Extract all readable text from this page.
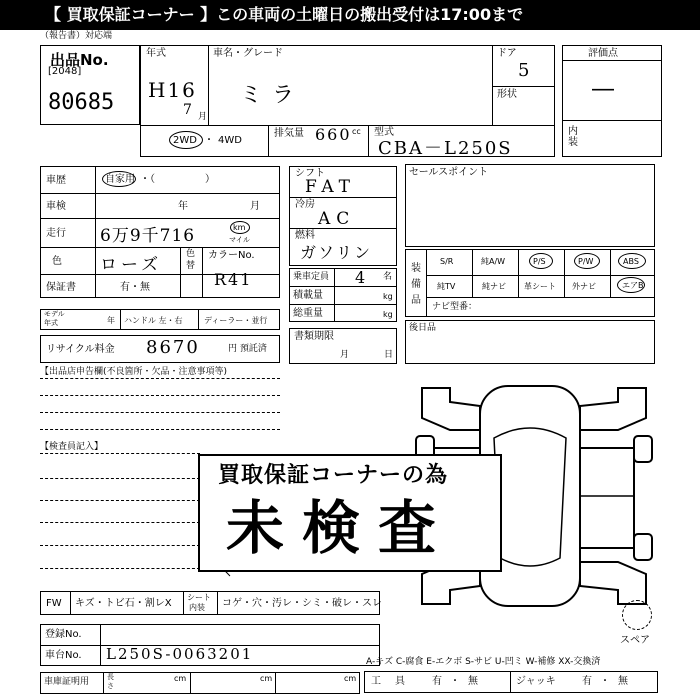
【 買取保証コーナー 】この車両の土曜日の搬出受付は17:00まで
（報告書）対応端
出品No.
[2048]
80685
年式
H16
7 月
車名・グレード
ミラ
ドア
5
形状
2WD ・ 4WD
排気量 660 cc 型式
CBA－L250S
評価点
―
内
装
車歴	自家用 ・（　　　　　）
車検	年	月
走行 6万9千716	km
マイル
色 ローズ
色
替
カラーNo.
R41
保証書	有・無
モデル
年式	年 ハンドル 左・右	ディーラー・並行
リサイクル料金 8670	円 預託済
シフト
FAT
冷房
AC
燃料
ガソリン
乗車定員 4 名
積載量	kg
総重量	kg
書類期限
月	日
セールスポイント
装
備
品
S/R	純A/W	P/S	P/W	ABS
純TV	純ナビ 革シート 外ナビ	エアB
ナビ型番：
後日品
【出品店申告欄(不良箇所・欠品・注意事項等)
【検査員記入】
買取保証コーナーの為
未検査
FW キズ・トビ石・割レX
シート
内装 コゲ・穴・汚レ・シミ・破レ・スレ
登録No.
車台No. L250S-0063201
車庫証明用	長
さ
cm	cm	cm
スペア
A-キズ C-腐食 E-エクボ S-サビ U-凹ミ W-補修 XX-交換済
工具 有・無	ジャッキ	有・無
